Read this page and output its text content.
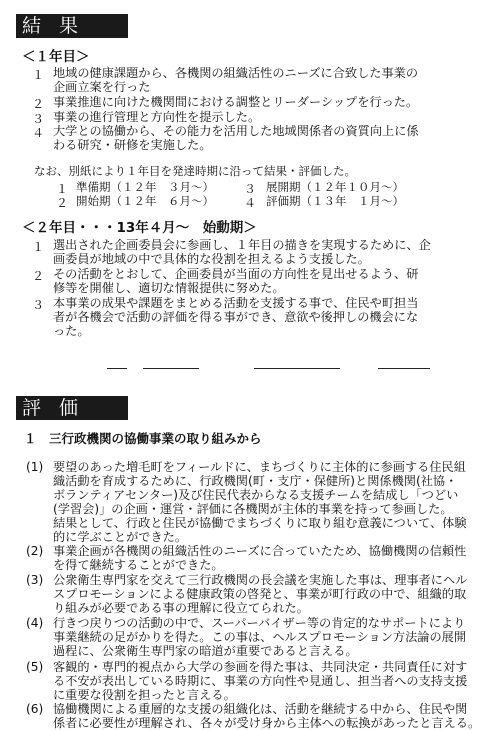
結果
＜１年目＞
１ 地域の健康課題から、各機関の組織活性のニーズに合致した事業の
企画立案を行った
２ 事業推進に向けた機関間における調整とリーダーシップを行った。
３ 事業の進行管理と方向性を提示した。
４ 大学との協働から、その能力を活用した地域関係者の資質向上に係
わる研究・研修を実施した。
なお、別紙により１年目を発達時期に沿って結果・評価した。
１ 準備期（１２年　３月～）
２ 開始期（１２年　６月～）
３ 展開期（１２年１０月～）
４ 評価期（１３年　１月～）
＜２年目・・・13年４月～　始動期＞
１ 選出された企画委員会に参画し、１年目の描きを実現するために、企
画委員が地域の中で具体的な役割を担えるよう支援した。
２ その活動をとおして、企画委員が当面の方向性を見出せるよう、研
修等を開催し、適切な情報提供に努めた。
３ 本事業の成果や課題をまとめる活動を支援する事で、住民や町担当
者が各機会で活動の評価を得る事ができ、意欲や後押しの機会にな
った。
評価
１　三行政機関の協働事業の取り組みから
(1) 要望のあった増毛町をフィールドに、まちづくりに主体的に参画する住民組
織活動を育成するために、行政機関(町・支庁・保健所)と関係機関(社協・
ボランティアセンター)及び住民代表からなる支援チームを結成し「つどい
(学習会)」の企画・運営・評価に各機関が主体的事業を持って参画した。
結果として、行政と住民が協働でまちづくりに取り組む意義について、体験
的に学ぶことができた。
(2) 事業企画が各機関の組織活性のニーズに合っていたため、協働機関の信頼性
を得て継続することができた。
(3) 公衆衛生専門家を交えて三行政機関の長会議を実施した事は、理事者にヘル
スプロモーションによる健康政策の啓発と、事業が町行政の中で、組織的取
り組みが必要である事の理解に役立てられた。
(4) 行きつ戻りつの活動の中で、スーパーバイザー等の肯定的なサポートにより
事業継続の足がかりを得た。この事は、ヘルスプロモーション方法論の展開
過程に、公衆衛生専門家の暗道が重要であると言える。
(5) 客観的・専門的視点から大学の参画を得た事は、共同決定・共同責任に対す
る不安が表出している時期に、事業の方向性や見通し、担当者への支持支援
に重要な役割を担ったと言える。
(6) 協働機関による重層的な支援の組織化は、活動を継続する中から、住民や関
係者に必要性が理解され、各々が受け身から主体への転換があったと言える。
